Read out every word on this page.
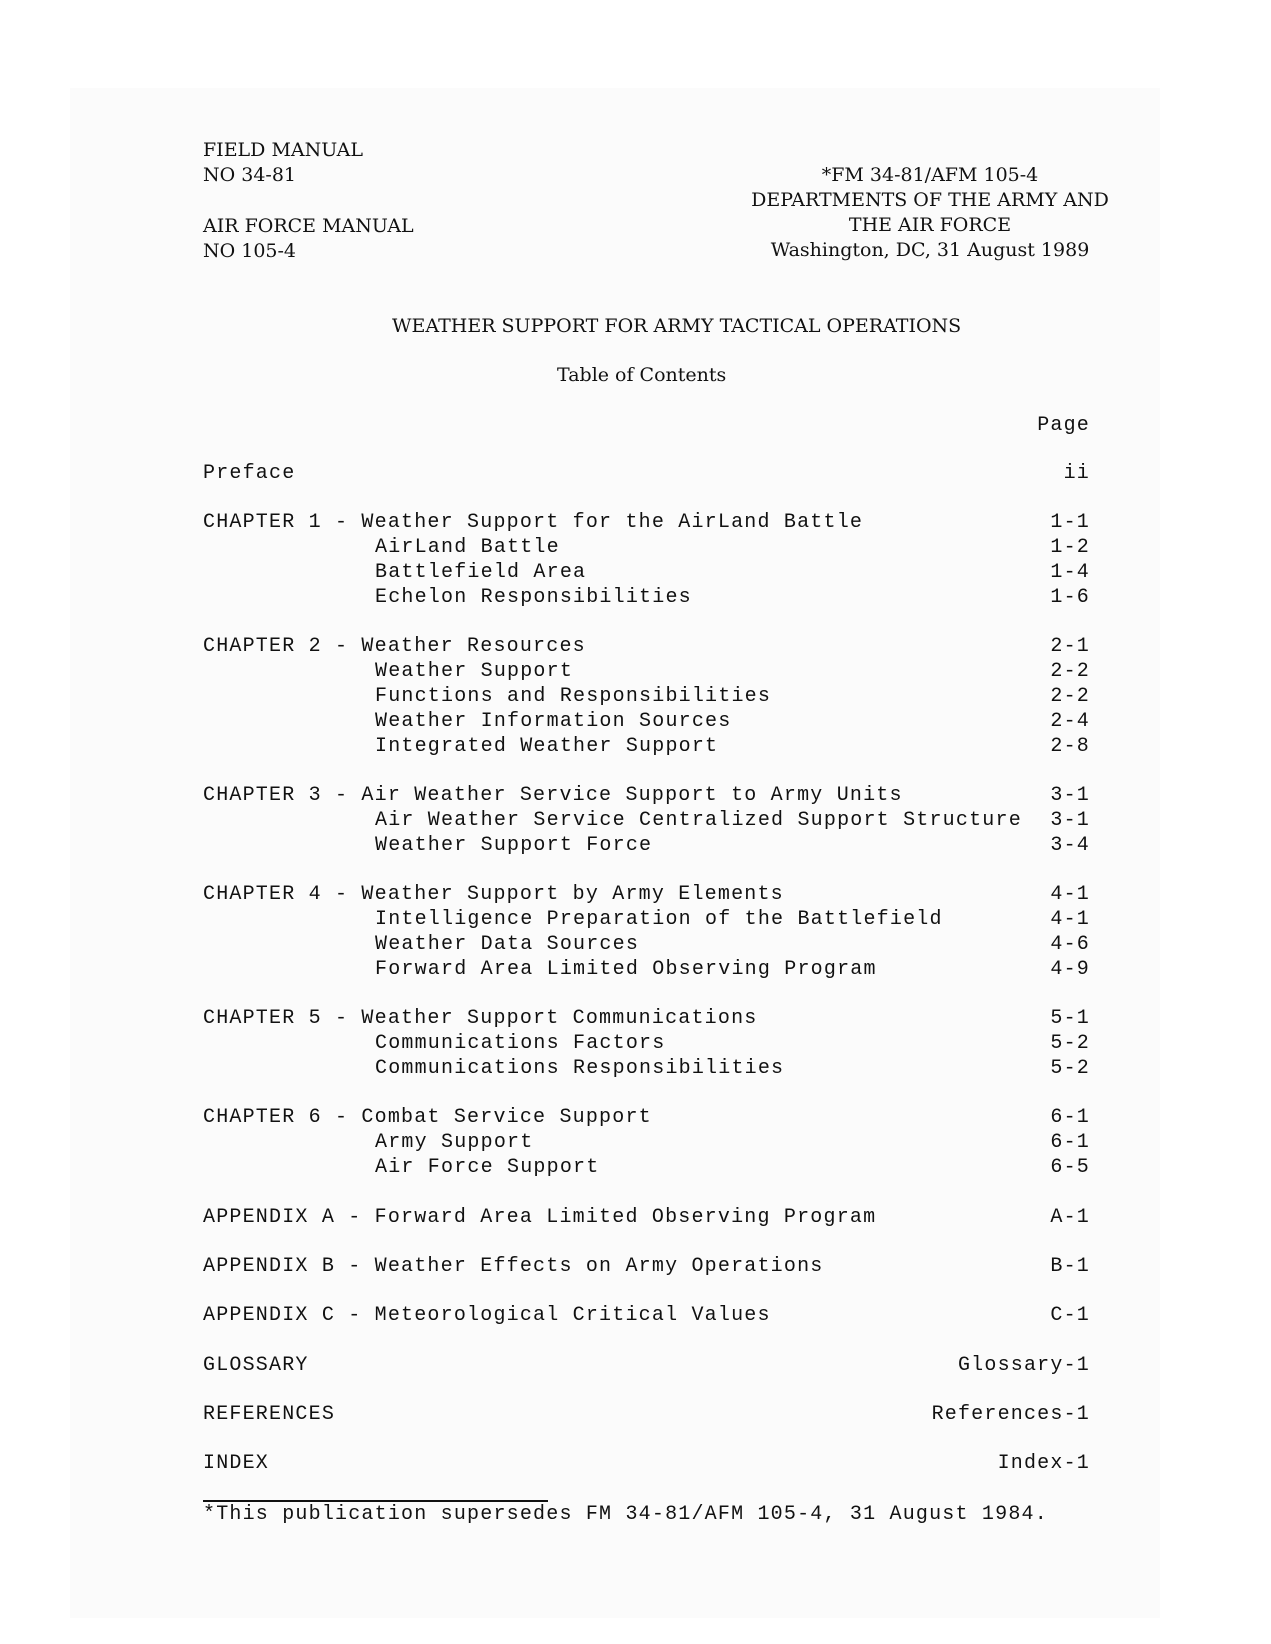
FIELD MANUAL
NO 34-81
AIR FORCE MANUAL
NO 105-4
*FM 34-81/AFM 105-4
DEPARTMENTS OF THE ARMY AND
THE AIR FORCE
Washington, DC, 31 August 1989
WEATHER SUPPORT FOR ARMY TACTICAL OPERATIONS
Table of Contents
Page
Preface	ii
CHAPTER 1 - Weather Support for the AirLand Battle	1-1
AirLand Battle	1-2
Battlefield Area	1-4
Echelon Responsibilities	1-6
CHAPTER 2 - Weather Resources	2-1
Weather Support	2-2
Functions and Responsibilities	2-2
Weather Information Sources	2-4
Integrated Weather Support	2-8
CHAPTER 3 - Air Weather Service Support to Army Units	3-1
Air Weather Service Centralized Support Structure	3-1
Weather Support Force	3-4
CHAPTER 4 - Weather Support by Army Elements	4-1
Intelligence Preparation of the Battlefield	4-1
Weather Data Sources	4-6
Forward Area Limited Observing Program	4-9
CHAPTER 5 - Weather Support Communications	5-1
Communications Factors	5-2
Communications Responsibilities	5-2
CHAPTER 6 - Combat Service Support	6-1
Army Support	6-1
Air Force Support	6-5
APPENDIX A - Forward Area Limited Observing Program	A-1
APPENDIX B - Weather Effects on Army Operations	B-1
APPENDIX C - Meteorological Critical Values	C-1
GLOSSARY	Glossary-1
REFERENCES	References-1
INDEX	Index-1
*This publication supersedes FM 34-81/AFM 105-4, 31 August 1984.
